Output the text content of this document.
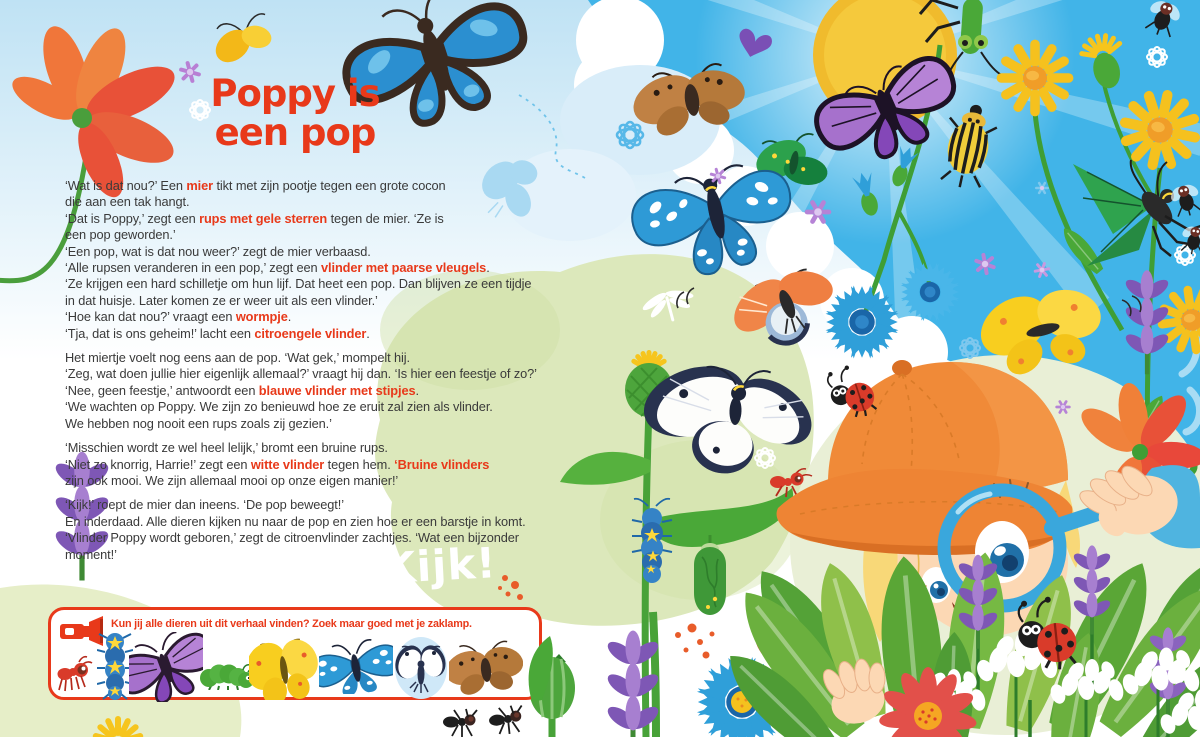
Poppy is
een pop
‘Wat is dat nou?’ Een mier tikt met zijn pootje tegen een grote cocon
die aan een tak hangt.
‘Dat is Poppy,’ zegt een rups met gele sterren tegen de mier. ‘Ze is
een pop geworden.’
‘Een pop, wat is dat nou weer?’ zegt de mier verbaasd.
‘Alle rupsen veranderen in een pop,’ zegt een vlinder met paarse vleugels.
‘Ze krijgen een hard schilletje om hun lijf. Dat heet een pop. Dan blijven ze een tijdje
in dat huisje. Later komen ze er weer uit als een vlinder.’
‘Hoe kan dat nou?’ vraagt een wormpje.
‘Tja, dat is ons geheim!’ lacht een citroengele vlinder.
Het miertje voelt nog eens aan de pop. ‘Wat gek,’ mompelt hij.
‘Zeg, wat doen jullie hier eigenlijk allemaal?’ vraagt hij dan. ‘Is hier een feestje of zo?’
‘Nee, geen feestje,’ antwoordt een blauwe vlinder met stipjes.
‘We wachten op Poppy. We zijn zo benieuwd hoe ze eruit zal zien als vlinder.
We hebben nog nooit een rups zoals zij gezien.’
‘Misschien wordt ze wel heel lelijk,’ bromt een bruine rups.
‘Niet zo knorrig, Harrie!’ zegt een witte vlinder tegen hem. ‘Bruine vlinders
zijn ook mooi. We zijn allemaal mooi op onze eigen manier!’
‘Kijk!’ roept de mier dan ineens. ‘De pop beweegt!’
En inderdaad. Alle dieren kijken nu naar de pop en zien hoe er een barstje in komt.
‘Vlinder Poppy wordt geboren,’ zegt de citroenvlinder zachtjes. ‘Wat een bijzonder
moment!’	Kijk!
Kun jij alle dieren uit dit verhaal vinden? Zoek maar goed met je zaklamp.
